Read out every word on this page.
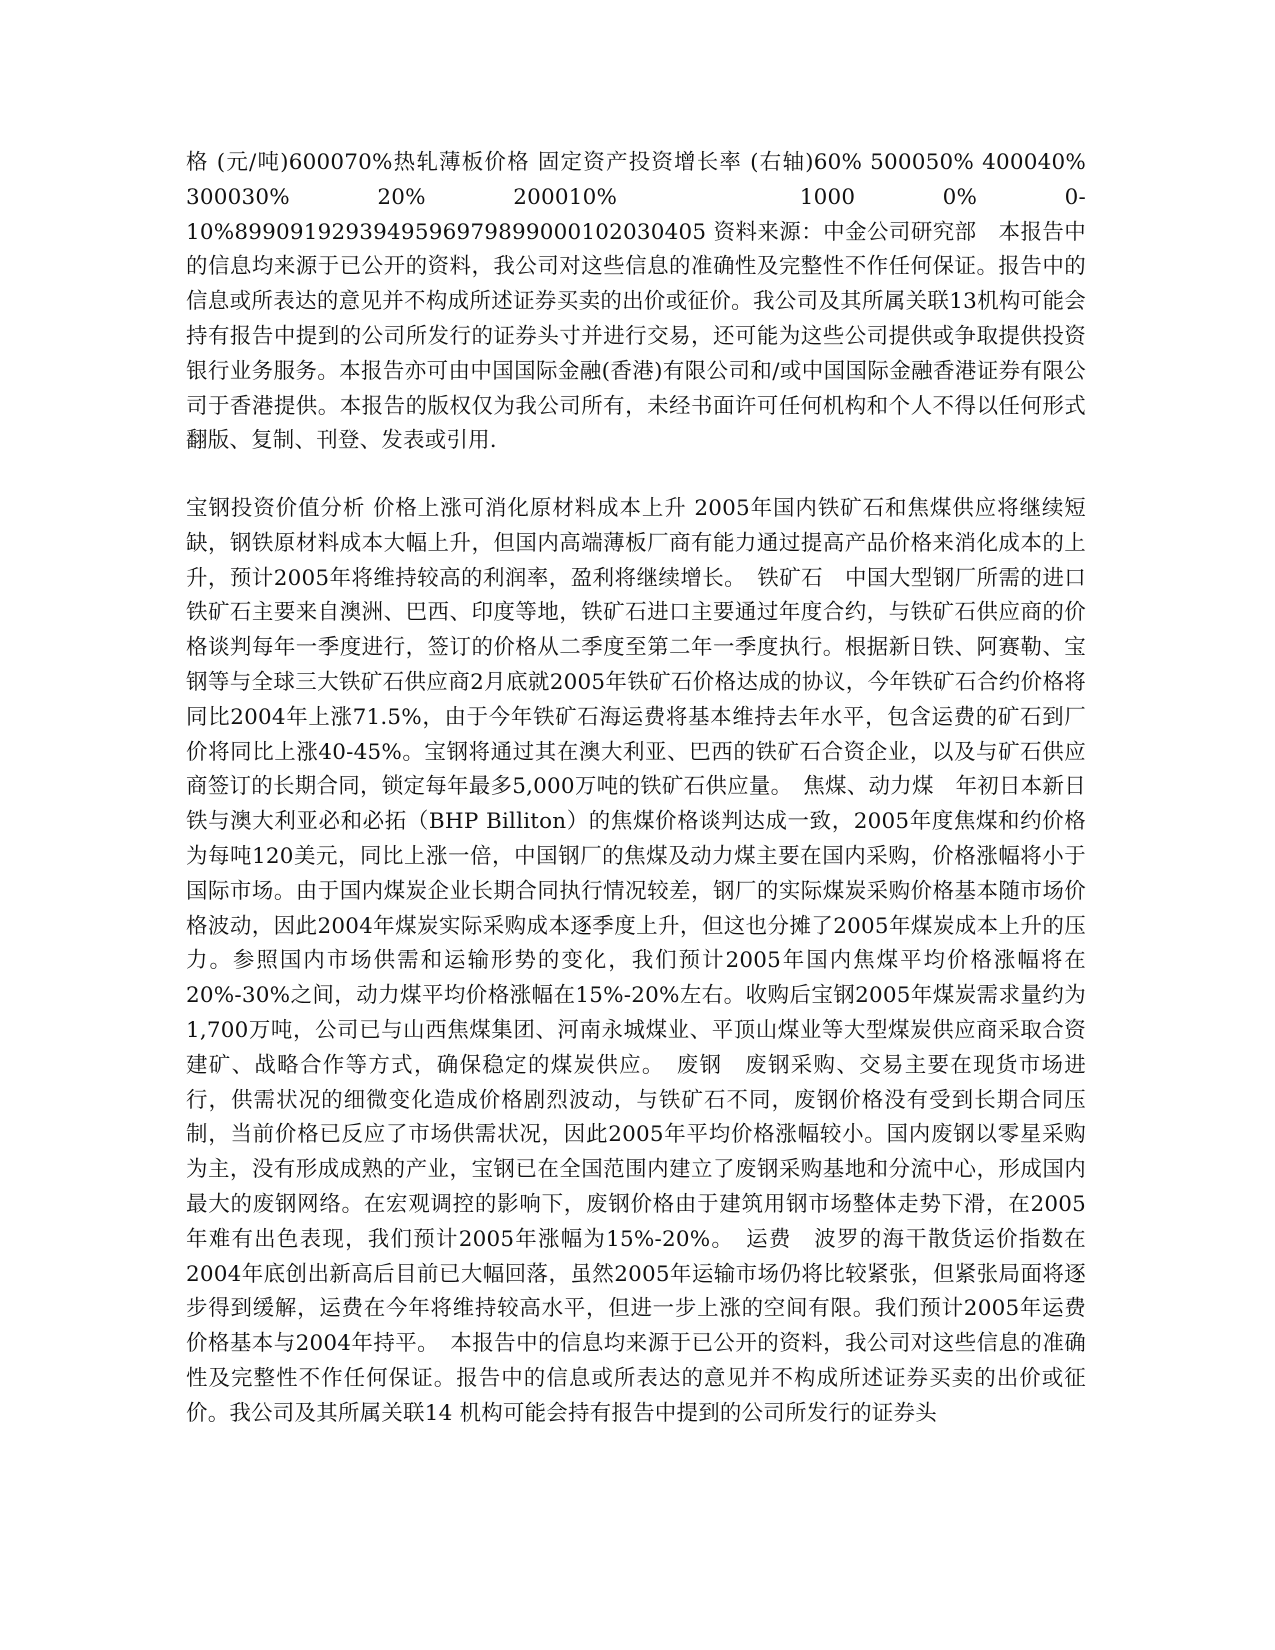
格 (元/吨)600070%热轧薄板价格 固定资产投资增长率 (右轴)60% 500050% 400040% 300030% 20% 200010%　1000 0% 0-10%8990919293949596979899000102030405 资料来源：中金公司研究部　本报告中的信息均来源于已公开的资料，我公司对这些信息的准确性及完整性不作任何保证。报告中的信息或所表达的意见并不构成所述证券买卖的出价或征价。我公司及其所属关联13机构可能会持有报告中提到的公司所发行的证券头寸并进行交易，还可能为这些公司提供或争取提供投资银行业务服务。本报告亦可由中国国际金融(香港)有限公司和/或中国国际金融香港证券有限公司于香港提供。本报告的版权仅为我公司所有，未经书面许可任何机构和个人不得以任何形式翻版、复制、刊登、发表或引用.

宝钢投资价值分析 价格上涨可消化原材料成本上升 2005年国内铁矿石和焦煤供应将继续短缺，钢铁原材料成本大幅上升，但国内高端薄板厂商有能力通过提高产品价格来消化成本的上升，预计2005年将维持较高的利润率，盈利将继续增长。　铁矿石　中国大型钢厂所需的进口铁矿石主要来自澳洲、巴西、印度等地，铁矿石进口主要通过年度合约，与铁矿石供应商的价格谈判每年一季度进行，签订的价格从二季度至第二年一季度执行。根据新日铁、阿赛勒、宝钢等与全球三大铁矿石供应商2月底就2005年铁矿石价格达成的协议，今年铁矿石合约价格将同比2004年上涨71.5%，由于今年铁矿石海运费将基本维持去年水平，包含运费的矿石到厂价将同比上涨40-45%。宝钢将通过其在澳大利亚、巴西的铁矿石合资企业，以及与矿石供应商签订的长期合同，锁定每年最多5,000万吨的铁矿石供应量。　焦煤、动力煤　年初日本新日铁与澳大利亚必和必拓（BHP Billiton）的焦煤价格谈判达成一致，2005年度焦煤和约价格为每吨120美元，同比上涨一倍，中国钢厂的焦煤及动力煤主要在国内采购，价格涨幅将小于国际市场。由于国内煤炭企业长期合同执行情况较差，钢厂的实际煤炭采购价格基本随市场价格波动，因此2004年煤炭实际采购成本逐季度上升，但这也分摊了2005年煤炭成本上升的压力。参照国内市场供需和运输形势的变化，我们预计2005年国内焦煤平均价格涨幅将在20%-30%之间，动力煤平均价格涨幅在15%-20%左右。收购后宝钢2005年煤炭需求量约为1,700万吨，公司已与山西焦煤集团、河南永城煤业、平顶山煤业等大型煤炭供应商采取合资建矿、战略合作等方式，确保稳定的煤炭供应。　废钢　废钢采购、交易主要在现货市场进行，供需状况的细微变化造成价格剧烈波动，与铁矿石不同，废钢价格没有受到长期合同压制，当前价格已反应了市场供需状况，因此2005年平均价格涨幅较小。国内废钢以零星采购为主，没有形成成熟的产业，宝钢已在全国范围内建立了废钢采购基地和分流中心，形成国内最大的废钢网络。在宏观调控的影响下，废钢价格由于建筑用钢市场整体走势下滑，在2005年难有出色表现，我们预计2005年涨幅为15%-20%。　运费　波罗的海干散货运价指数在2004年底创出新高后目前已大幅回落，虽然2005年运输市场仍将比较紧张，但紧张局面将逐步得到缓解，运费在今年将维持较高水平，但进一步上涨的空间有限。我们预计2005年运费价格基本与2004年持平。　本报告中的信息均来源于已公开的资料，我公司对这些信息的准确性及完整性不作任何保证。报告中的信息或所表达的意见并不构成所述证券买卖的出价或征价。我公司及其所属关联14 机构可能会持有报告中提到的公司所发行的证券头
